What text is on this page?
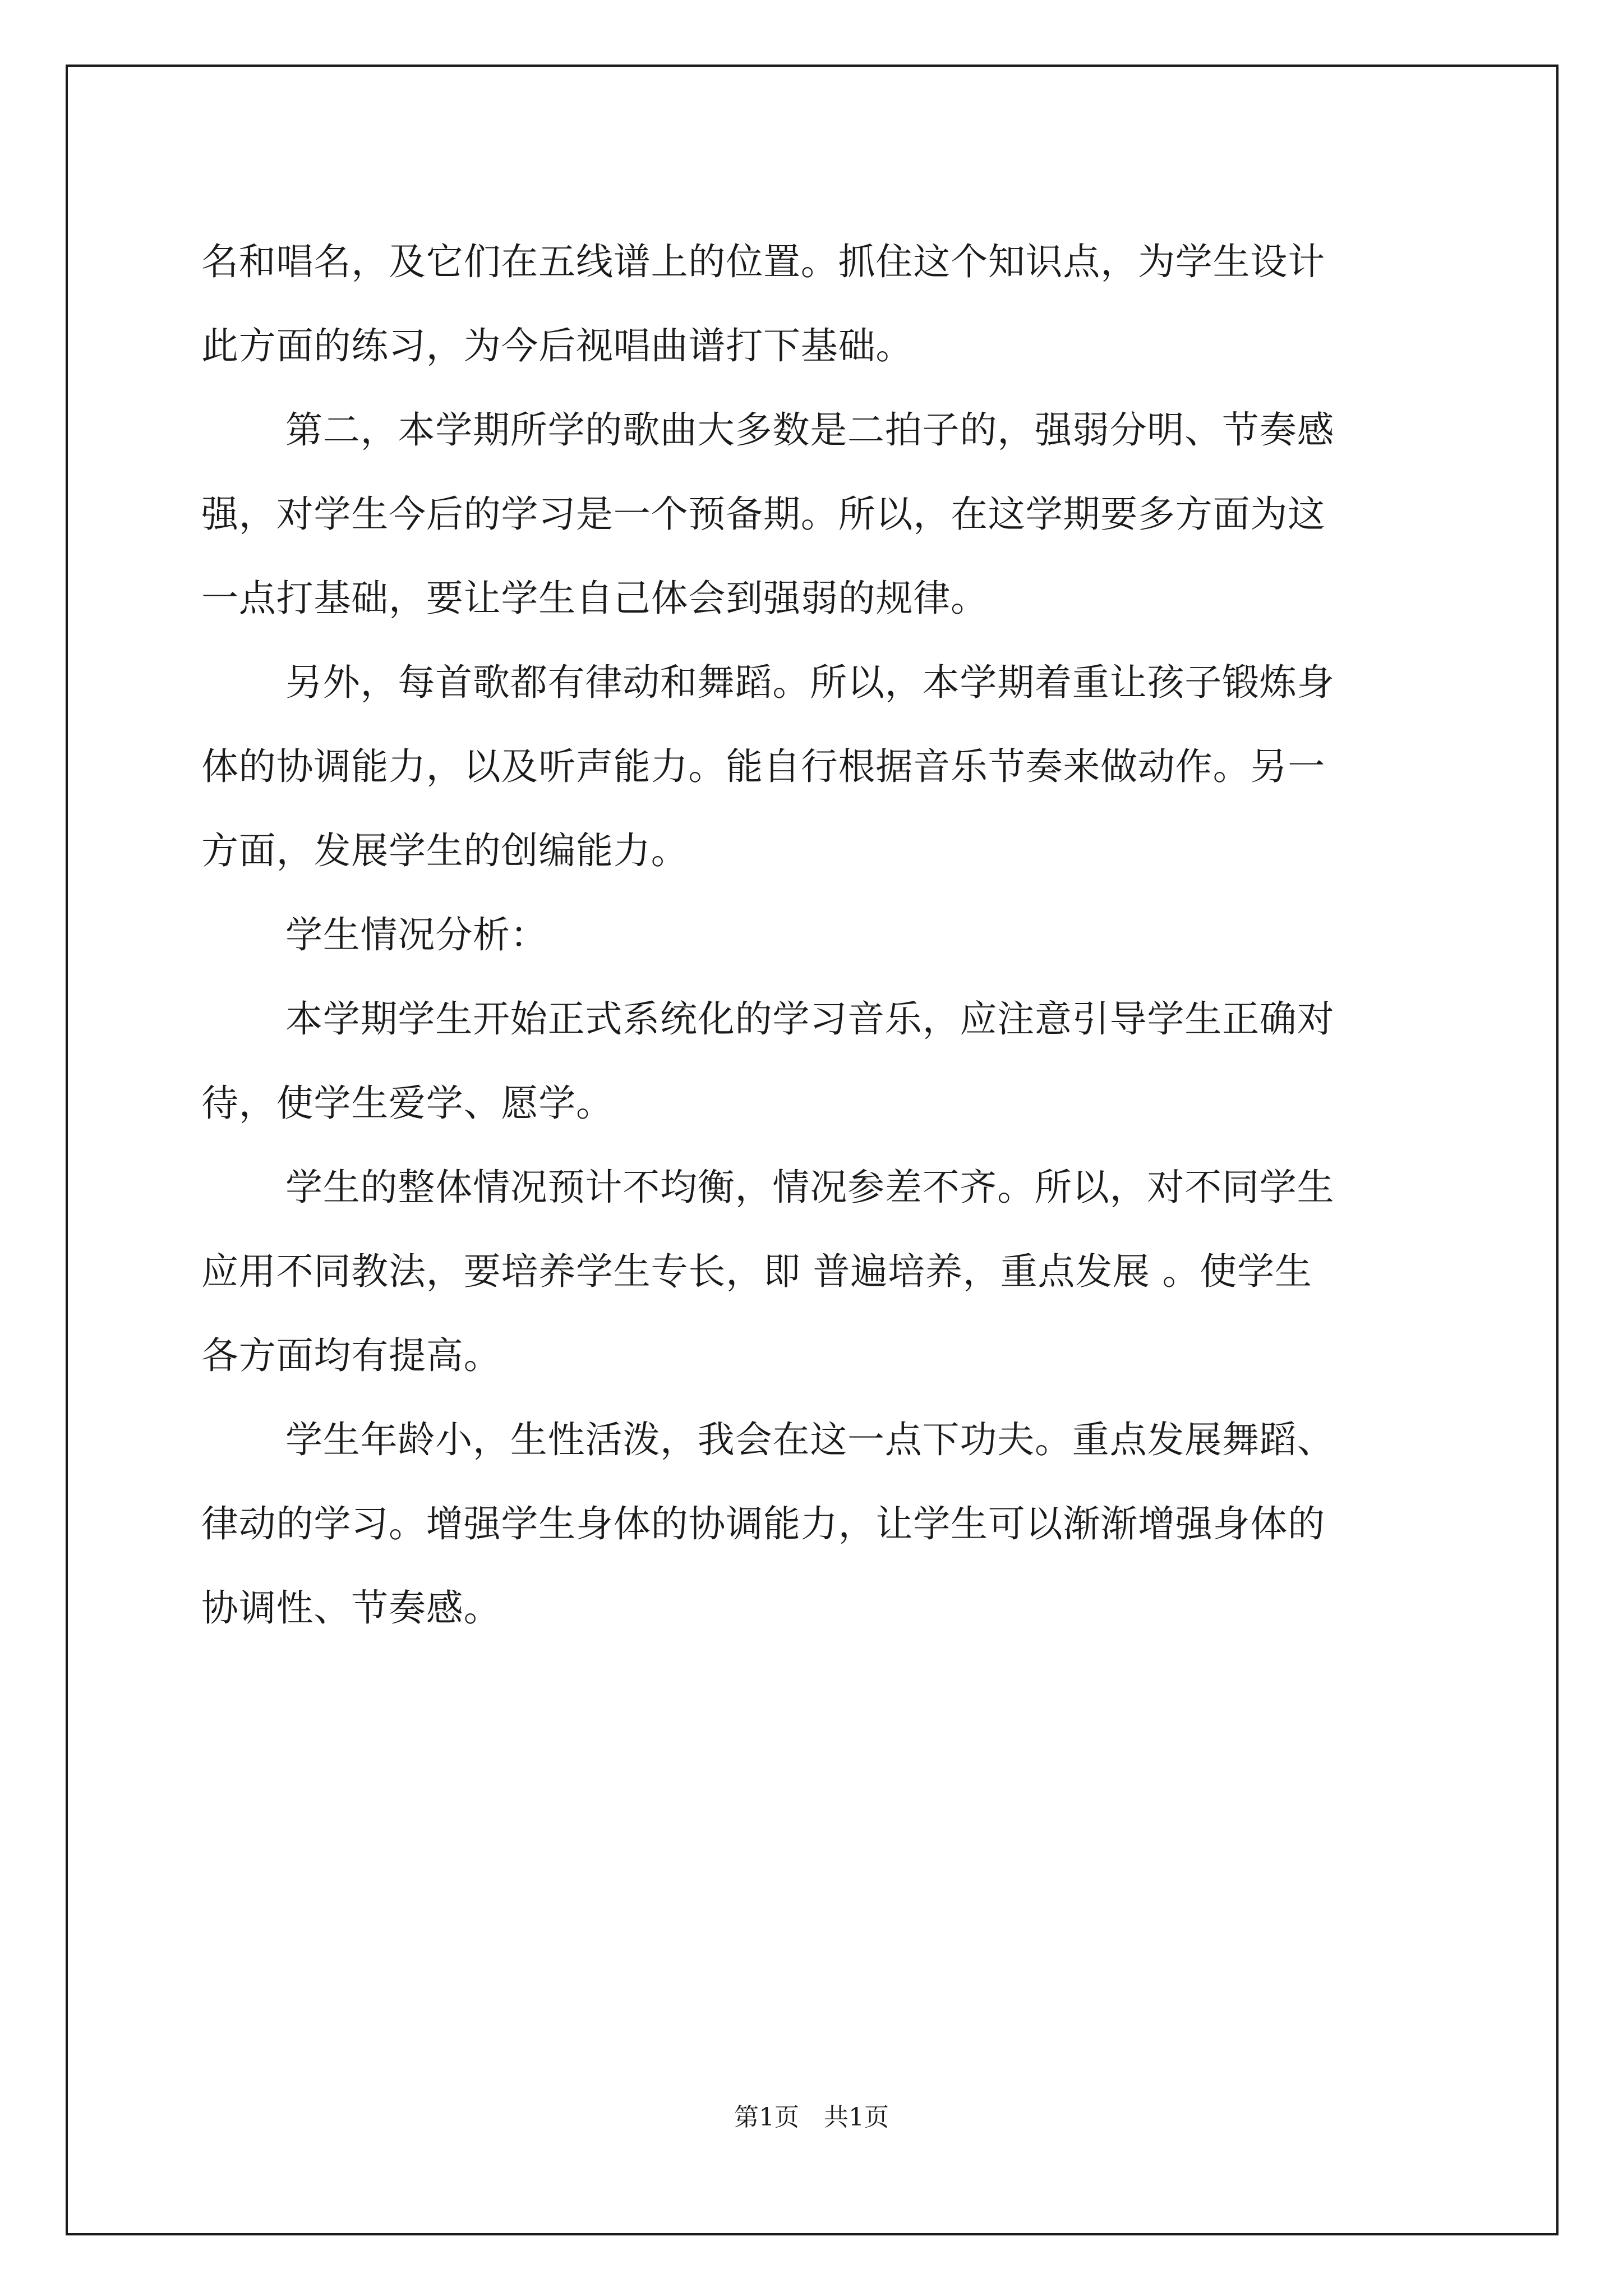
名和唱名，及它们在五线谱上的位置。抓住这个知识点，为学生设计

此方面的练习，为今后视唱曲谱打下基础。

第二，本学期所学的歌曲大多数是二拍子的，强弱分明、节奏感

强，对学生今后的学习是一个预备期。所以，在这学期要多方面为这

一点打基础，要让学生自己体会到强弱的规律。

另外，每首歌都有律动和舞蹈。所以，本学期着重让孩子锻炼身

体的协调能力，以及听声能力。能自行根据音乐节奏来做动作。另一

方面，发展学生的创编能力。

学生情况分析：

本学期学生开始正式系统化的学习音乐，应注意引导学生正确对

待，使学生爱学、愿学。

学生的整体情况预计不均衡，情况参差不齐。所以，对不同学生

应用不同教法，要培养学生专长，即 普遍培养，重点发展 。使学生

各方面均有提高。

学生年龄小，生性活泼，我会在这一点下功夫。重点发展舞蹈、

律动的学习。增强学生身体的协调能力，让学生可以渐渐增强身体的

协调性、节奏感。

第1页　共1页
